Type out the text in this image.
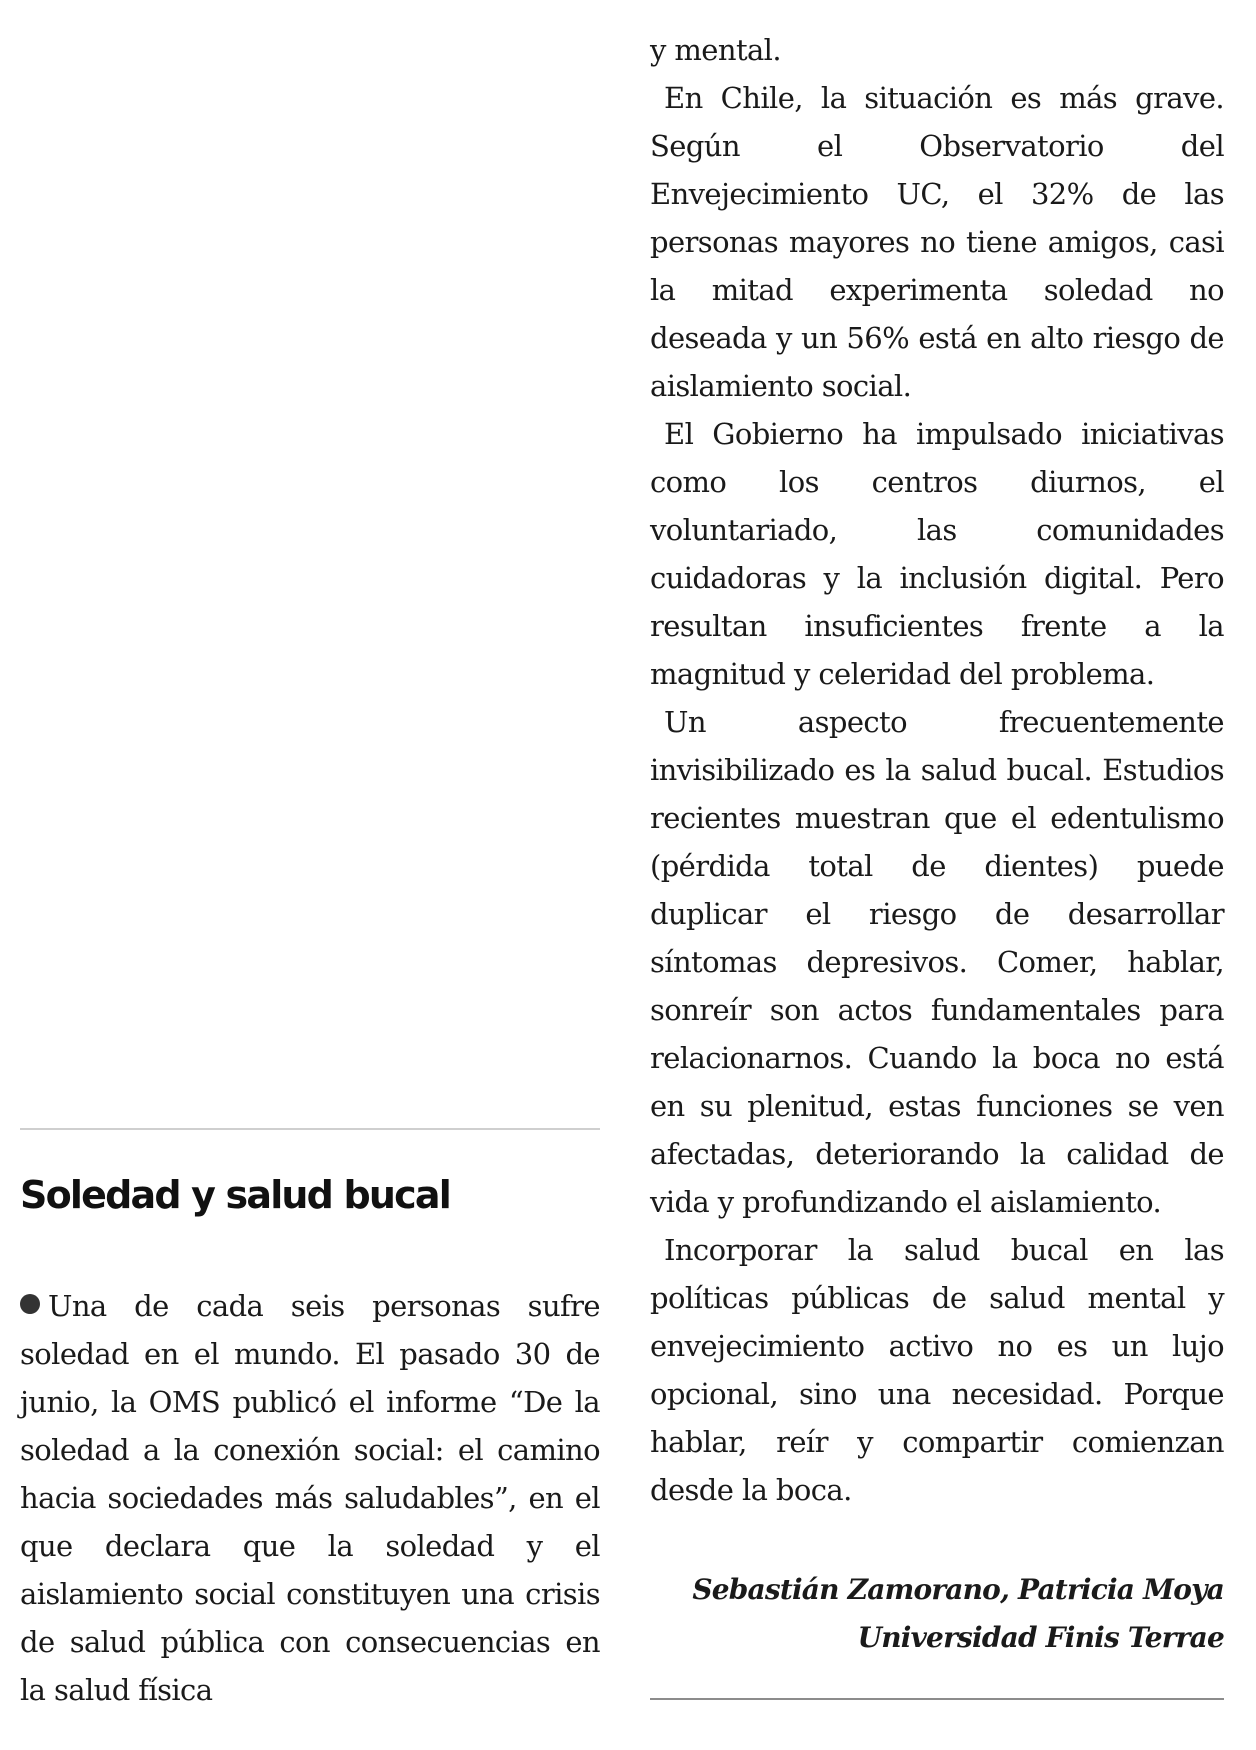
Soledad y salud bucal

Una de cada seis personas sufre soledad en el mundo. El pasado 30 de junio, la OMS publicó el informe “De la soledad a la conexión social: el camino hacia sociedades más saludables”, en el que declara que la soledad y el aislamiento social constituyen una crisis de salud pública con consecuencias en la salud física

y mental.

En Chile, la situación es más grave. Según el Observatorio del Envejecimiento UC, el 32% de las personas mayores no tiene amigos, casi la mitad experimenta soledad no deseada y un 56% está en alto riesgo de aislamiento social.

El Gobierno ha impulsado iniciativas como los centros diurnos, el voluntariado, las comunidades cuidadoras y la inclusión digital. Pero resultan insuficientes frente a la magnitud y celeridad del problema.

Un aspecto frecuentemente invisibilizado es la salud bucal. Estudios recientes muestran que el edentulismo (pérdida total de dientes) puede duplicar el riesgo de desarrollar síntomas depresivos. Comer, hablar, sonreír son actos fundamentales para relacionarnos. Cuando la boca no está en su plenitud, estas funciones se ven afectadas, deteriorando la calidad de vida y profundizando el aislamiento.

Incorporar la salud bucal en las políticas públicas de salud mental y envejecimiento activo no es un lujo opcional, sino una necesidad. Porque hablar, reír y compartir comienzan desde la boca.

Sebastián Zamorano, Patricia Moya
Universidad Finis Terrae
